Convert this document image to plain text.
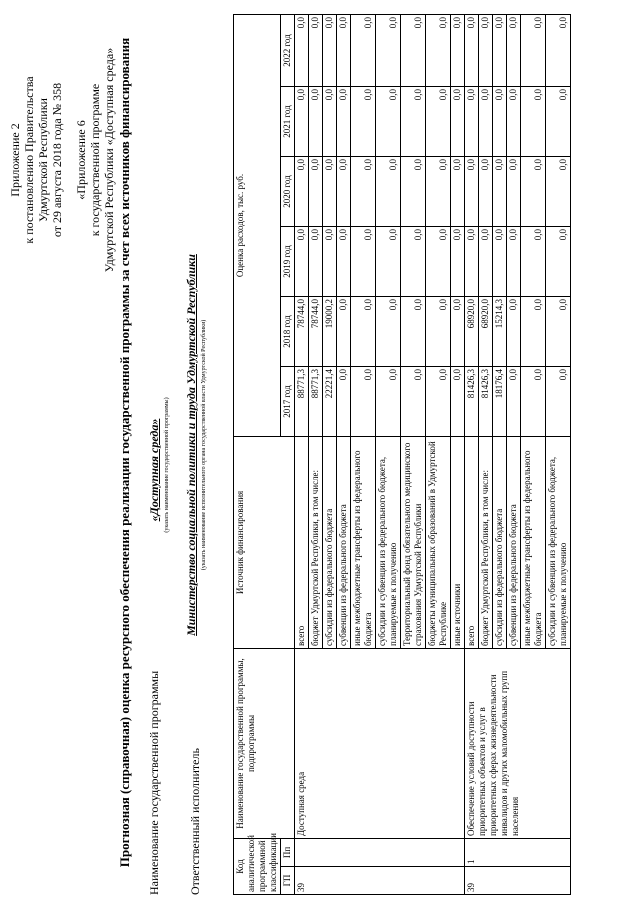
Приложение 2 к постановлению Правительства Удмуртской Республики от 29 августа 2018 года № 358 «Приложение 6 к государственной программе Удмуртской Республики «Доступная среда» Прогнозная (справочная) оценка ресурсного обеспечения реализации государственной программы за счет всех источников финансирования Наименование государственной программы
«Доступная среда» (указать наименование государственной программы)
Ответственный исполнитель
Министерство социальной политики и труда Удмуртской Республики (указать наименование исполнительного органа государственной власти Удмуртской Республики)
Код аналитической программной классификации		Наименование государственной программы, подпрограммы	Источник финансирования	Оценка расходов, тыс. руб.					
ГП	Пп			2017 год	2018 год	2019 год	2020 год	2021 год	2022 год
39		Доступная среда	всего	88771,3	78744,0	0,0	0,0	0,0	0,0
			бюджет Удмуртской Республики, в том числе:	88771,3	78744,0	0,0	0,0	0,0	0,0
			субсидии из федерального бюджета	22221,4	19000,2	0,0	0,0	0,0	0,0
			субвенции из федерального бюджета	0,0	0,0	0,0	0,0	0,0	0,0
			иные межбюджетные трансферты из федерального бюджета	0,0	0,0	0,0	0,0	0,0	0,0
			субсидии и субвенции из федерального бюджета, планируемые к получению	0,0	0,0	0,0	0,0	0,0	0,0
			Территориальный фонд обязательного медицинского страхования Удмуртской Республики	0,0	0,0	0,0	0,0	0,0	0,0
			бюджеты муниципальных образований в Удмуртской Республике	0,0	0,0	0,0	0,0	0,0	0,0
			иные источники	0,0	0,0	0,0	0,0	0,0	0,0
39	1	Обеспечение условий доступности приоритетных объектов и услуг в приоритетных сферах жизнедеятельности инвалидов и других маломобильных групп населения	всего	81426,3	68920,0	0,0	0,0	0,0	0,0
			бюджет Удмуртской Республики, в том числе:	81426,3	68920,0	0,0	0,0	0,0	0,0
			субсидии из федерального бюджета	18176,4	15214,3	0,0	0,0	0,0	0,0
			субвенции из федерального бюджета	0,0	0,0	0,0	0,0	0,0	0,0
			иные межбюджетные трансферты из федерального бюджета	0,0	0,0	0,0	0,0	0,0	0,0
			субсидии и субвенции из федерального бюджета, планируемые к получению	0,0	0,0	0,0	0,0	0,0	0,0
